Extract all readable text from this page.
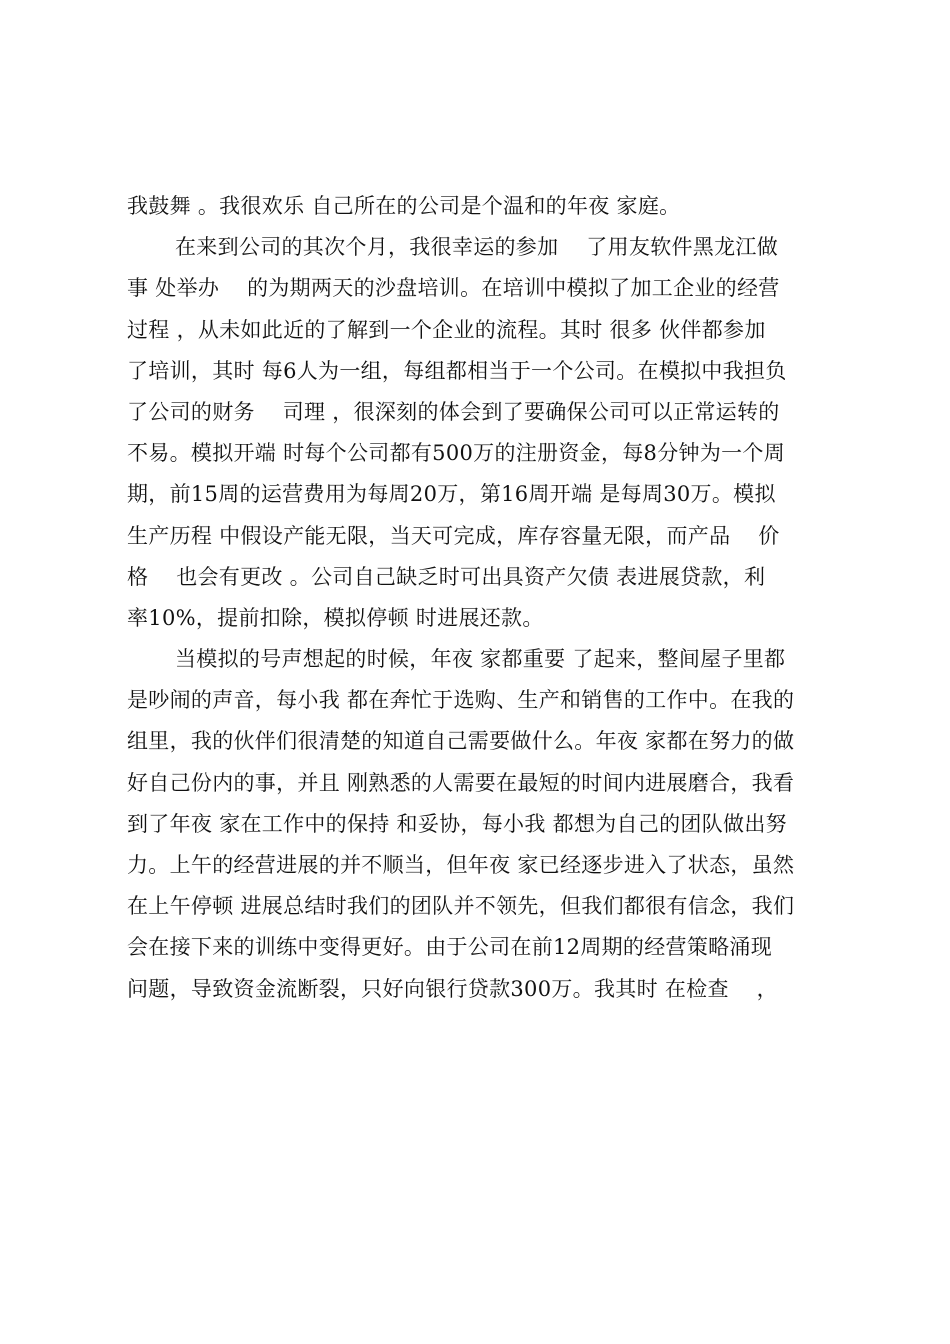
我鼓舞 。我很欢乐 自己所在的公司是个温和的年夜 家庭。
在来到公司的其次个月，我很幸运的参加    了用友软件黑龙江做
事 处举办    的为期两天的沙盘培训。在培训中模拟了加工企业的经营
过程 ，从未如此近的了解到一个企业的流程。其时 很多 伙伴都参加
了培训，其时 每6人为一组，每组都相当于一个公司。在模拟中我担负
了公司的财务    司理 ，很深刻的体会到了要确保公司可以正常运转的
不易。模拟开端 时每个公司都有500万的注册资金，每8分钟为一个周
期，前15周的运营费用为每周20万，第16周开端 是每周30万。模拟
生产历程 中假设产能无限，当天可完成，库存容量无限，而产品    价
格    也会有更改 。公司自己缺乏时可出具资产欠债 表进展贷款，利
率10%，提前扣除，模拟停顿 时进展还款。
当模拟的号声想起的时候，年夜 家都重要 了起来，整间屋子里都
是吵闹的声音，每小我 都在奔忙于选购、生产和销售的工作中。在我的
组里，我的伙伴们很清楚的知道自己需要做什么。年夜 家都在努力的做
好自己份内的事，并且 刚熟悉的人需要在最短的时间内进展磨合，我看
到了年夜 家在工作中的保持 和妥协，每小我 都想为自己的团队做出努
力。上午的经营进展的并不顺当，但年夜 家已经逐步进入了状态，虽然
在上午停顿 进展总结时我们的团队并不领先，但我们都很有信念，我们
会在接下来的训练中变得更好。由于公司在前12周期的经营策略涌现
问题，导致资金流断裂，只好向银行贷款300万。我其时 在检查    ，
